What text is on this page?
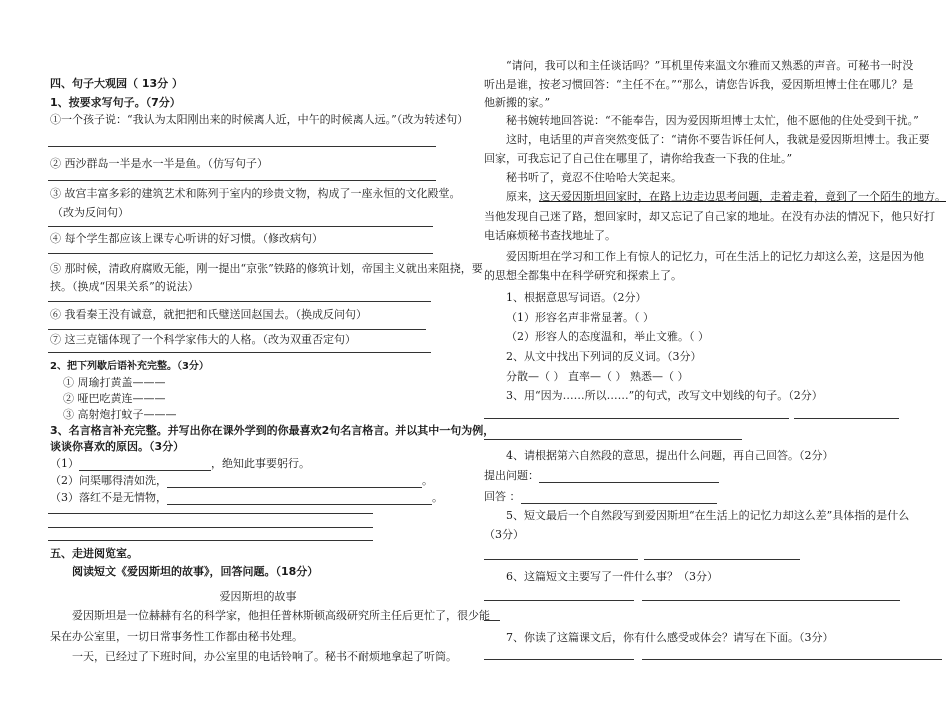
四、句子大观园（ 13分 ）
1、按要求写句子。（7分）
①一个孩子说：“我认为太阳刚出来的时候离人近，中午的时候离人远。”（改为转述句）
② 西沙群岛一半是水一半是鱼。（仿写句子）
③ 故宫丰富多彩的建筑艺术和陈列于室内的珍贵文物，构成了一座永恒的文化殿堂。
（改为反问句）
④ 每个学生都应该上课专心听讲的好习惯。（修改病句）
⑤ 那时候，清政府腐败无能，刚一提出“京张”铁路的修筑计划，帝国主义就出来阻挠，要
挟。（换成“因果关系”的说法）
⑥ 我看秦王没有诚意，就把把和氏璧送回赵国去。（换成反问句）
⑦ 这三克镭体现了一个科学家伟大的人格。（改为双重否定句）
2、把下列歇后语补充完整。（3分）
① 周瑜打黄盖———
② 哑巴吃黄连———
③ 高射炮打蚊子———
3、名言格言补充完整。并写出你在课外学到的你最喜欢2句名言格言。并以其中一句为例，
谈谈你喜欢的原因。（3分）
（1）	，绝知此事要躬行。
（2）问渠哪得清如洗，	。
（3）落红不是无情物，	。
五、走进阅览室。
阅读短文《爱因斯坦的故事》，回答问题。（18分）
爱因斯坦的故事
爱因斯坦是一位赫赫有名的科学家，他担任普林斯顿高级研究所主任后更忙了，很少能
呆在办公室里，一切日常事务性工作都由秘书处理。
一天，已经过了下班时间，办公室里的电话铃响了。秘书不耐烦地拿起了听筒。
“请问，我可以和主任谈话吗？”耳机里传来温文尔雅而又熟悉的声音。可秘书一时没
听出是谁，按老习惯回答：“主任不在。”“那么，请您告诉我，爱因斯坦博士住在哪儿？是
他新搬的家。”
秘书婉转地回答说：“不能奉告，因为爱因斯坦博士太忙，他不愿他的住处受到干扰。”
这时，电话里的声音突然变低了：“请你不要告诉任何人，我就是爱因斯坦博士。我正要
回家，可我忘记了自己住在哪里了，请你给我查一下我的住址。”
秘书听了，竟忍不住哈哈大笑起来。
原来，这天爱因斯坦回家时，在路上边走边思考问题，走着走着，竟到了一个陌生的地方。
当他发现自己迷了路，想回家时，却又忘记了自己家的地址。在没有办法的情况下，他只好打
电话麻烦秘书查找地址了。
爱因斯坦在学习和工作上有惊人的记忆力，可在生活上的记忆力却这么差，这是因为他
的思想全都集中在科学研究和探索上了。
1、根据意思写词语。（2分）
（1）形容名声非常显著。（ ）
（2）形容人的态度温和，举止文雅。（ ）
2、从文中找出下列词的反义词。（3分）
分散—（ ） 直率—（ ） 熟悉—（ ）
3、用“因为……所以……”的句式，改写文中划线的句子。（2分）
4、请根据第六自然段的意思，提出什么问题，再自己回答。（2分）
提出问题：
回答 ：
5、短文最后一个自然段写到爱因斯坦“在生活上的记忆力却这么差”具体指的是什么
（3分）
6、这篇短文主要写了一件什么事？（3分）
7、你读了这篇课文后，你有什么感受或体会？请写在下面。（3分）
